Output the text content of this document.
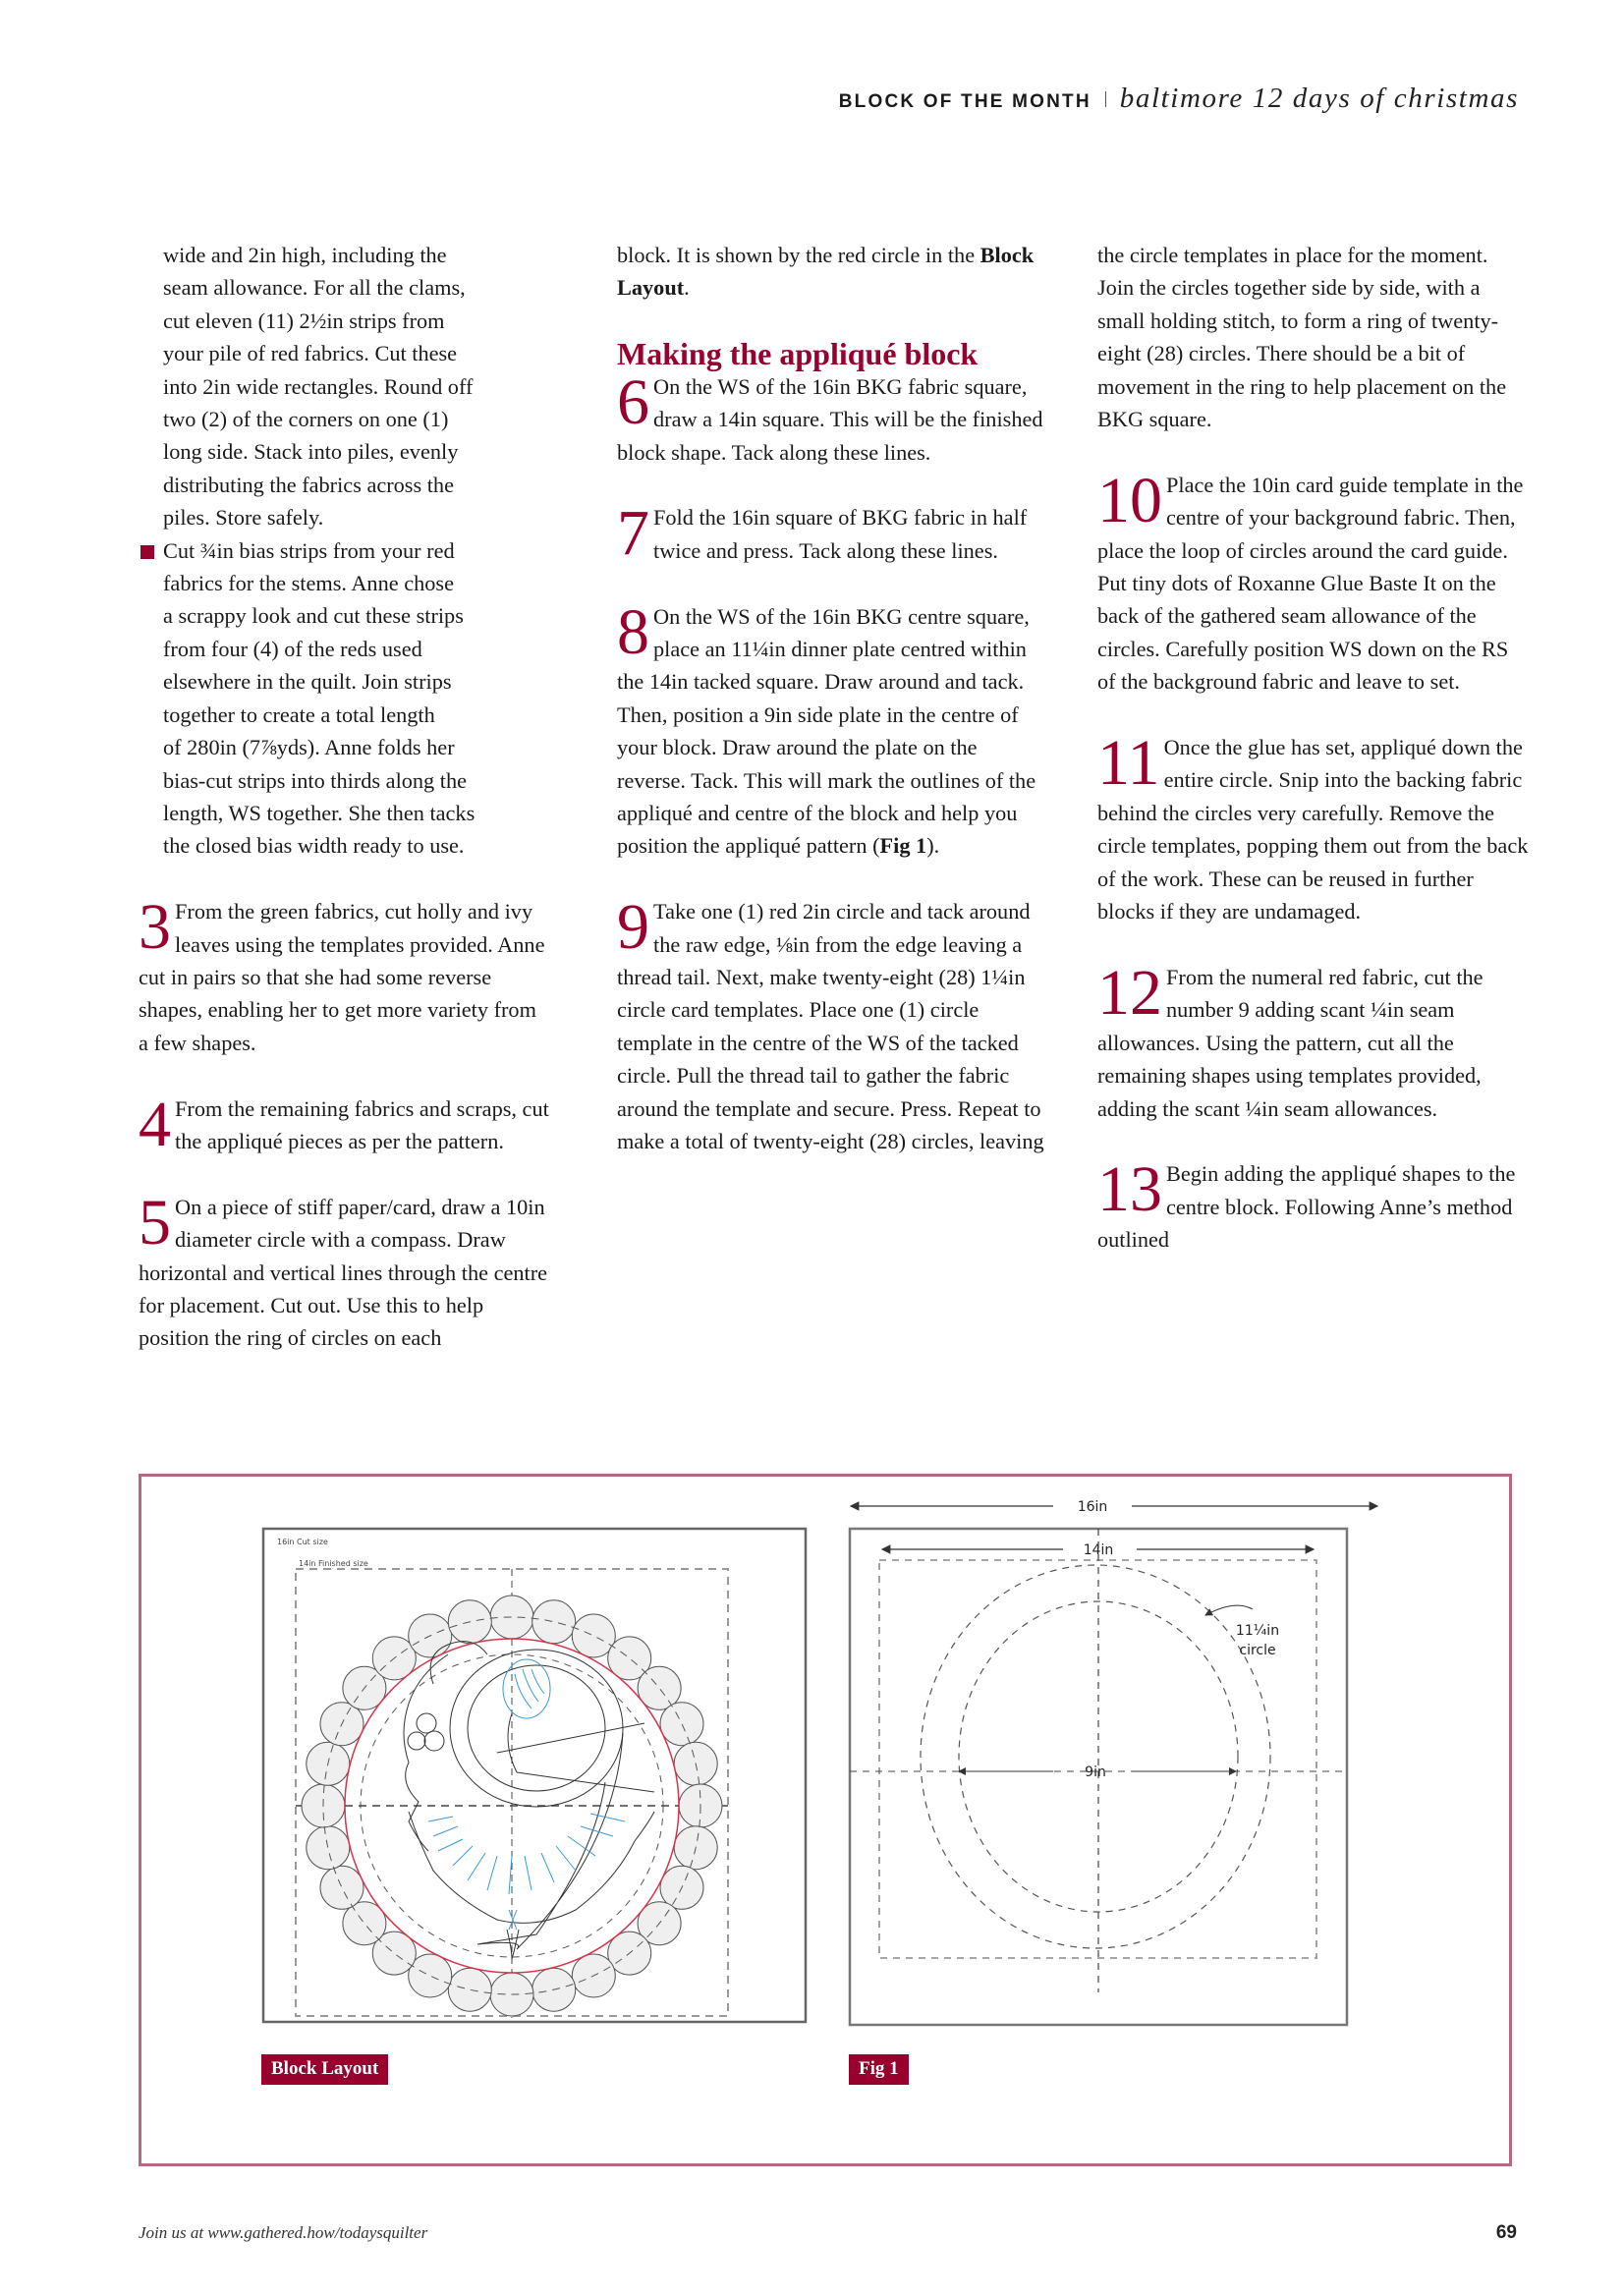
BLOCK OF THE MONTH baltimore 12 days of christmas

wide and 2in high, including the

seam allowance. For all the clams,

cut eleven (11) 2½in strips from

your pile of red fabrics. Cut these

into 2in wide rectangles. Round off

two (2) of the corners on one (1)

long side. Stack into piles, evenly

distributing the fabrics across the

piles. Store safely.

Cut ¾in bias strips from your red

fabrics for the stems. Anne chose

a scrappy look and cut these strips

from four (4) of the reds used

elsewhere in the quilt. Join strips

together to create a total length

of 280in (7⅞yds). Anne folds her

bias-cut strips into thirds along the

length, WS together. She then tacks

the closed bias width ready to use.

3 From the green fabrics, cut holly and ivy leaves using the templates provided. Anne cut in pairs so that she had some reverse shapes, enabling her to get more variety from a few shapes.

4 From the remaining fabrics and scraps, cut the appliqué pieces as per the pattern.

5 On a piece of stiff paper/card, draw a 10in diameter circle with a compass. Draw horizontal and vertical lines through the centre for placement. Cut out. Use this to help position the ring of circles on each

block. It is shown by the red circle in the Block Layout.

Making the appliqué block

6 On the WS of the 16in BKG fabric square, draw a 14in square. This will be the finished block shape. Tack along these lines.

7 Fold the 16in square of BKG fabric in half twice and press. Tack along these lines.

8 On the WS of the 16in BKG centre square, place an 11¼in dinner plate centred within the 14in tacked square. Draw around and tack. Then, position a 9in side plate in the centre of your block. Draw around the plate on the reverse. Tack. This will mark the outlines of the appliqué and centre of the block and help you position the appliqué pattern (Fig 1).

9 Take one (1) red 2in circle and tack around the raw edge, ⅛in from the edge leaving a thread tail. Next, make twenty-eight (28) 1¼in circle card templates. Place one (1) circle template in the centre of the WS of the tacked circle. Pull the thread tail to gather the fabric around the template and secure. Press. Repeat to make a total of twenty-eight (28) circles, leaving

the circle templates in place for the moment. Join the circles together side by side, with a small holding stitch, to form a ring of twenty-eight (28) circles. There should be a bit of movement in the ring to help placement on the BKG square.

10 Place the 10in card guide template in the centre of your background fabric. Then, place the loop of circles around the card guide. Put tiny dots of Roxanne Glue Baste It on the back of the gathered seam allowance of the circles. Carefully position WS down on the RS of the background fabric and leave to set.

11 Once the glue has set, appliqué down the entire circle. Snip into the backing fabric behind the circles very carefully. Remove the circle templates, popping them out from the back of the work. These can be reused in further blocks if they are undamaged.

12 From the numeral red fabric, cut the number 9 adding scant ¼in seam allowances. Using the pattern, cut all the remaining shapes using templates provided, adding the scant ¼in seam allowances.

13 Begin adding the appliqué shapes to the centre block. Following Anne’s method outlined

16in Cut size
14in Finished size
Block Layout
16in
14in
9in
11¼in
circle
Fig 1
Join us at www.gathered.how/todaysquilter	69
